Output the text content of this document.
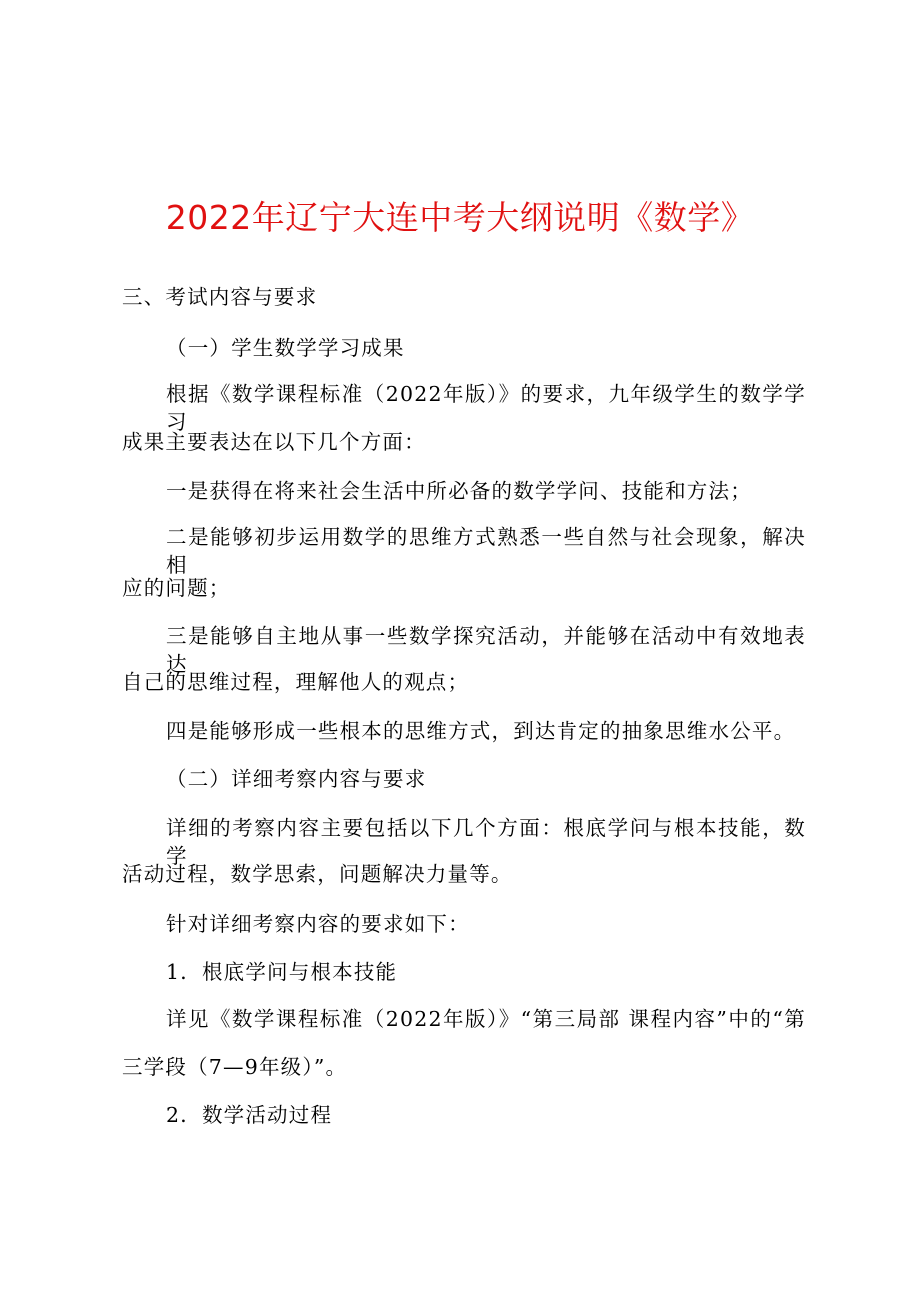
2022年辽宁大连中考大纲说明《数学》
三、考试内容与要求
（一）学生数学学习成果
根据《数学课程标准（2022年版）》的要求，九年级学生的数学学习
成果主要表达在以下几个方面：
一是获得在将来社会生活中所必备的数学学问、技能和方法；
二是能够初步运用数学的思维方式熟悉一些自然与社会现象，解决相
应的问题；
三是能够自主地从事一些数学探究活动，并能够在活动中有效地表达
自己的思维过程，理解他人的观点；
四是能够形成一些根本的思维方式，到达肯定的抽象思维水公平。
（二）详细考察内容与要求
详细的考察内容主要包括以下几个方面：根底学问与根本技能，数学
活动过程，数学思索，问题解决力量等。
针对详细考察内容的要求如下：
1．根底学问与根本技能
详见《数学课程标准（2022年版）》“第三局部 课程内容”中的“第
三学段（7—9年级）”。
2．数学活动过程
